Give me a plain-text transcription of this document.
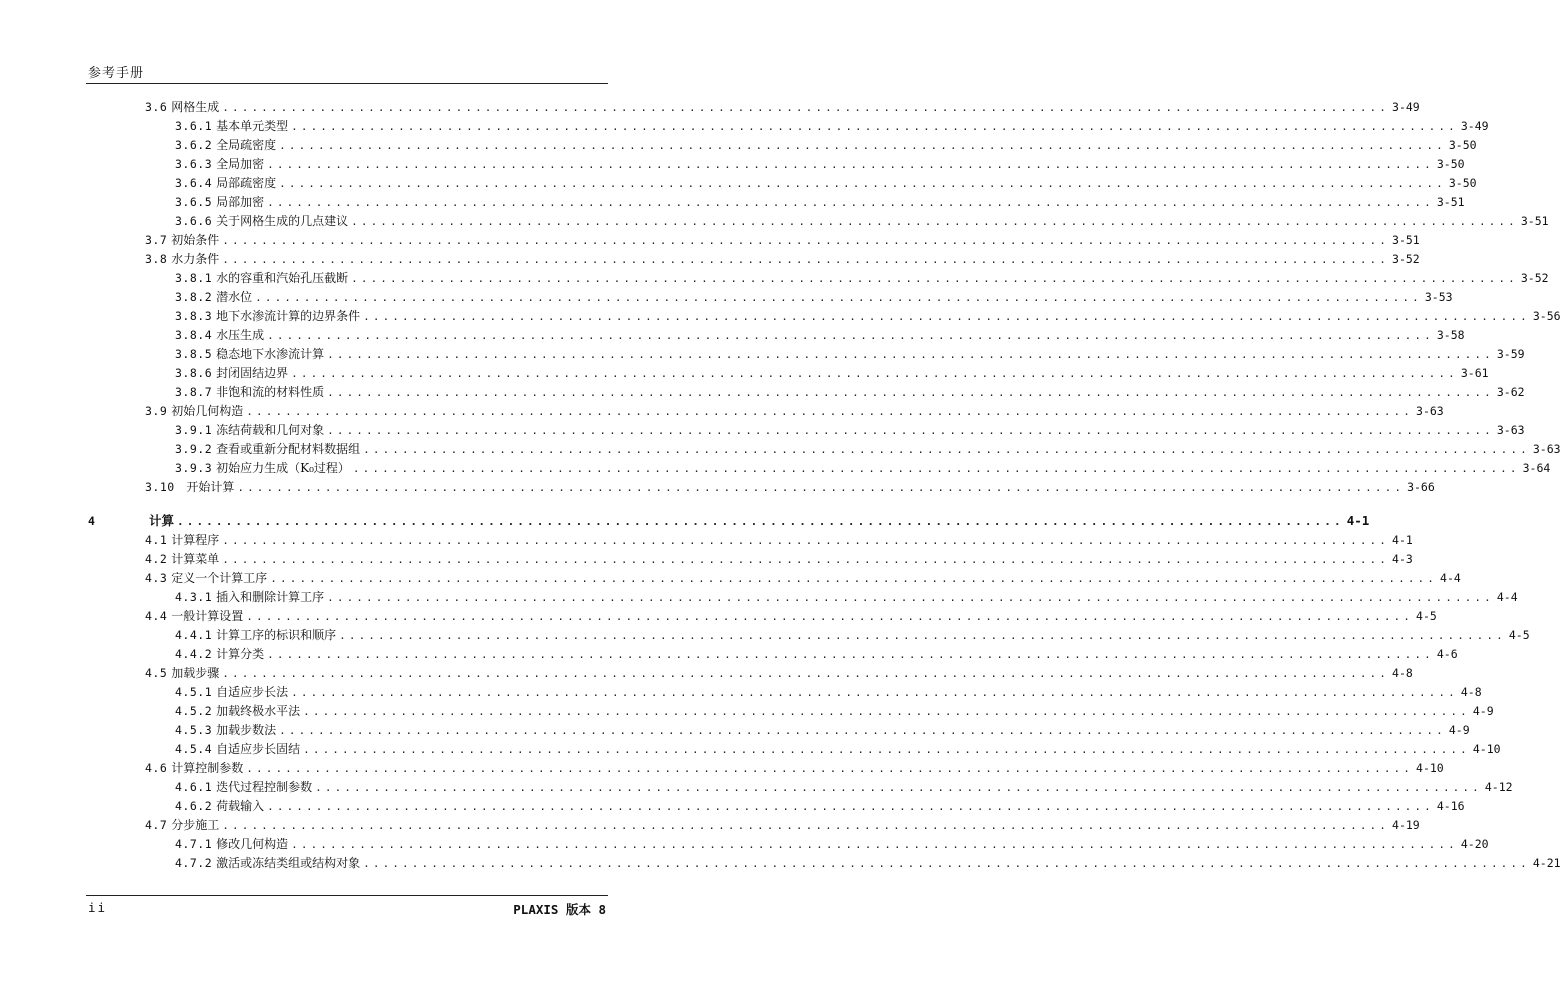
参考手册
3.6 网格生成 ........................................................................................................................ 3-49
3.6.1 基本单元类型 ........................................................................................................................ 3-49
3.6.2 全局疏密度 ........................................................................................................................ 3-50
3.6.3 全局加密 ........................................................................................................................ 3-50
3.6.4 局部疏密度 ........................................................................................................................ 3-50
3.6.5 局部加密 ........................................................................................................................ 3-51
3.6.6 关于网格生成的几点建议 ........................................................................................................................ 3-51
3.7 初始条件 ........................................................................................................................ 3-51
3.8 水力条件 ........................................................................................................................ 3-52
3.8.1 水的容重和汽始孔压截断 ........................................................................................................................ 3-52
3.8.2 潜水位 ........................................................................................................................ 3-53
3.8.3 地下水渗流计算的边界条件 ........................................................................................................................ 3-56
3.8.4 水压生成 ........................................................................................................................ 3-58
3.8.5 稳态地下水渗流计算 ........................................................................................................................ 3-59
3.8.6 封闭固结边界 ........................................................................................................................ 3-61
3.8.7 非饱和流的材料性质 ........................................................................................................................ 3-62
3.9 初始几何构造 ........................................................................................................................ 3-63
3.9.1 冻结荷载和几何对象 ........................................................................................................................ 3-63
3.9.2 查看或重新分配材料数据组 ........................................................................................................................ 3-63
3.9.3 初始应力生成（K₀过程） ........................................................................................................................ 3-64
3.10 开始计算 ........................................................................................................................ 3-66
4	计算 ........................................................................................................................ 4-1
4.1 计算程序 ........................................................................................................................ 4-1
4.2 计算菜单 ........................................................................................................................ 4-3
4.3 定义一个计算工序 ........................................................................................................................ 4-4
4.3.1 插入和删除计算工序 ........................................................................................................................ 4-4
4.4 一般计算设置 ........................................................................................................................ 4-5
4.4.1 计算工序的标识和顺序 ........................................................................................................................ 4-5
4.4.2 计算分类 ........................................................................................................................ 4-6
4.5 加载步骤 ........................................................................................................................ 4-8
4.5.1 自适应步长法 ........................................................................................................................ 4-8
4.5.2 加载终极水平法 ........................................................................................................................ 4-9
4.5.3 加载步数法 ........................................................................................................................ 4-9
4.5.4 自适应步长固结 ........................................................................................................................ 4-10
4.6 计算控制参数 ........................................................................................................................ 4-10
4.6.1 迭代过程控制参数 ........................................................................................................................ 4-12
4.6.2 荷载输入 ........................................................................................................................ 4-16
4.7 分步施工 ........................................................................................................................ 4-19
4.7.1 修改几何构造 ........................................................................................................................ 4-20
4.7.2 激活或冻结类组或结构对象 ........................................................................................................................ 4-21
ii	PLAXIS 版本 8
